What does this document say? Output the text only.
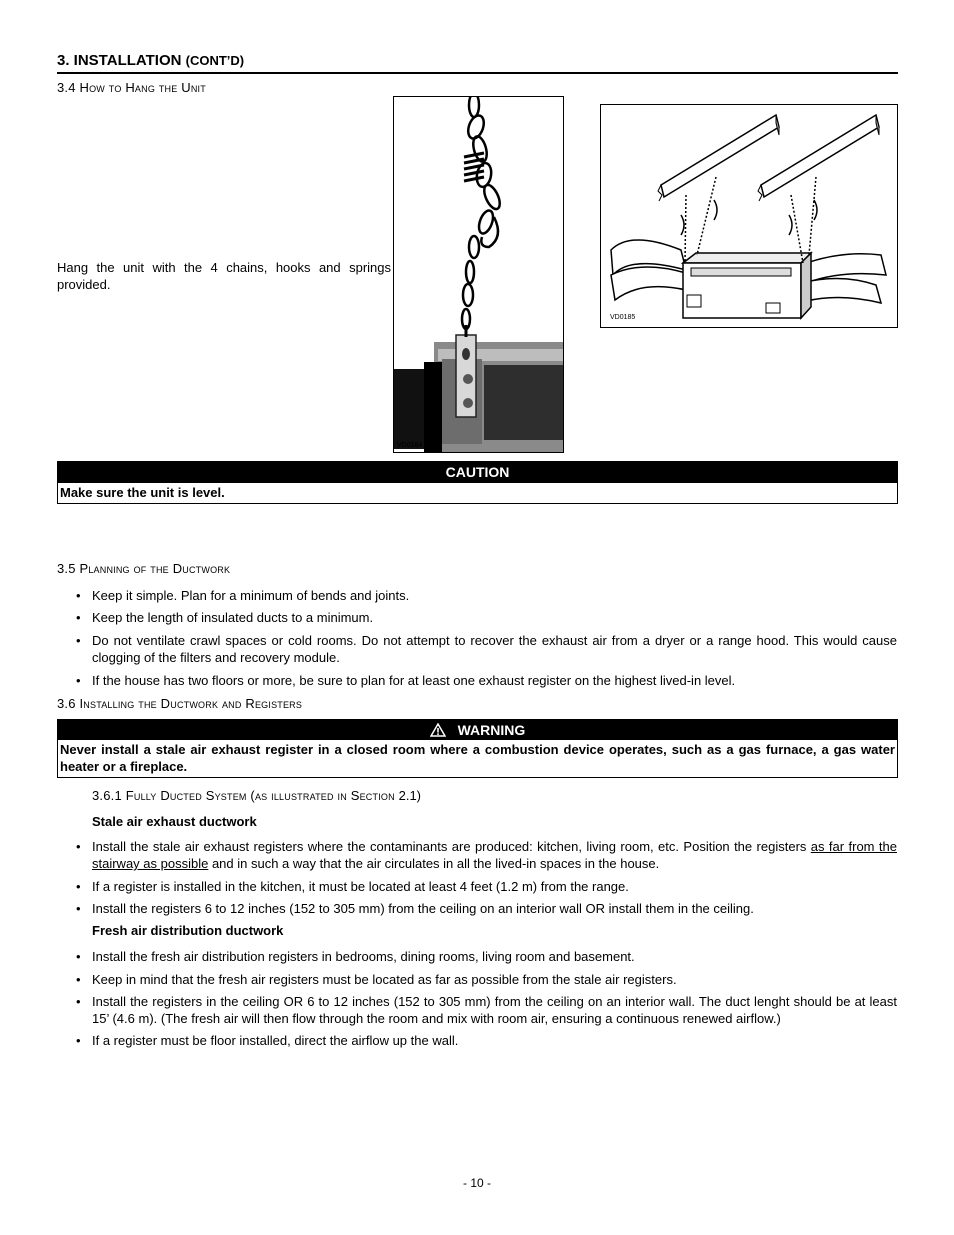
3. INSTALLATION (CONT’D)
3.4 How to Hang the Unit
Hang the unit with the 4 chains, hooks and springs provided.
VD0184
VD0185
CAUTION
Make sure the unit is level.
3.5 Planning of the Ductwork
• Keep it simple. Plan for a minimum of bends and joints.
• Keep the length of insulated ducts to a minimum.
• Do not ventilate crawl spaces or cold rooms. Do not attempt to recover the exhaust air from a dryer or a range hood. This would cause clogging of the filters and recovery module.
• If the house has two floors or more, be sure to plan for at least one exhaust register on the highest lived-in level.
3.6 Installing the Ductwork and Registers
WARNING
Never install a stale air exhaust register in a closed room where a combustion device operates, such as a gas furnace, a gas water heater or a fireplace.
3.6.1 Fully Ducted System (as illustrated in Section 2.1)
Stale air exhaust ductwork
• Install the stale air exhaust registers where the contaminants are produced: kitchen, living room, etc. Position the registers as far from the stairway as possible and in such a way that the air circulates in all the lived-in spaces in the house.
• If a register is installed in the kitchen, it must be located at least 4 feet (1.2 m) from the range.
• Install the registers 6 to 12 inches (152 to 305 mm) from the ceiling on an interior wall OR install them in the ceiling.
Fresh air distribution ductwork
• Install the fresh air distribution registers in bedrooms, dining rooms, living room and basement.
• Keep in mind that the fresh air registers must be located as far as possible from the stale air registers.
• Install the registers in the ceiling OR 6 to 12 inches (152 to 305 mm) from the ceiling on an interior wall. The duct lenght should be at least 15’ (4.6 m). (The fresh air will then flow through the room and mix with room air, ensuring a continuous renewed airflow.)
• If a register must be floor installed, direct the airflow up the wall.
- 10 -
